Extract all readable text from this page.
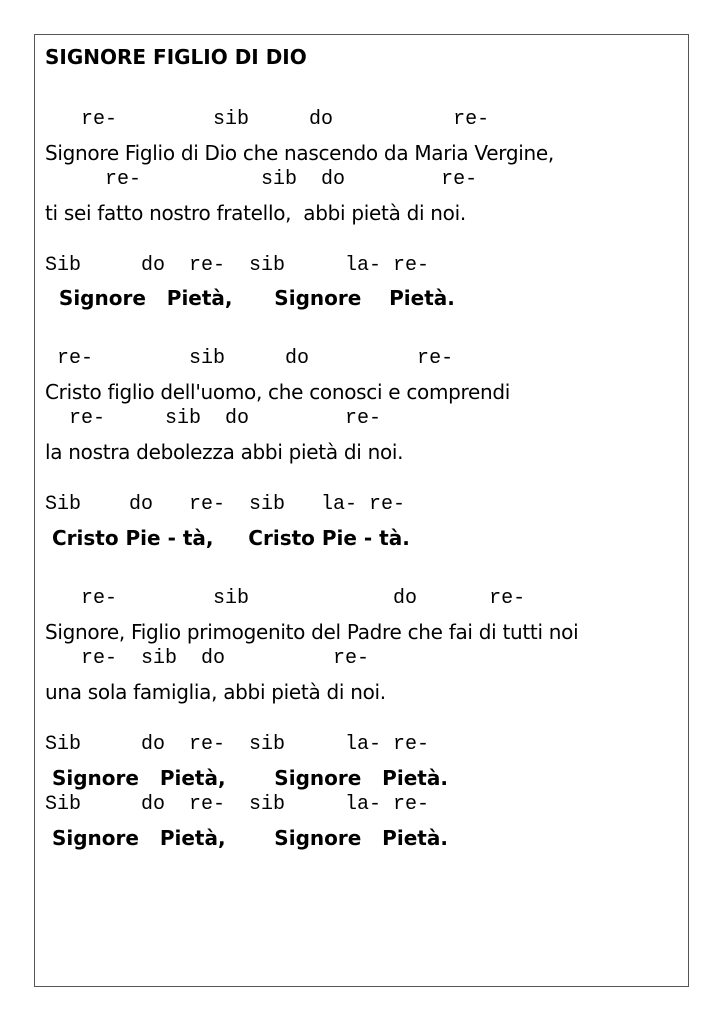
SIGNORE FIGLIO DI DIO

re-        sib     do          re-

Signore Figlio di Dio che nascendo da Maria Vergine,

re-          sib  do        re-

ti sei fatto nostro fratello,  abbi pietà di noi.

Sib     do  re-  sib     la- re-

Signore   Pietà,      Signore    Pietà.

re-        sib     do         re-

Cristo figlio dell'uomo, che conosci e comprendi

re-     sib  do        re-

la nostra debolezza abbi pietà di noi.

Sib    do   re-  sib   la- re-

Cristo Pie - tà,     Cristo Pie - tà.

re-        sib            do      re-

Signore, Figlio primogenito del Padre che fai di tutti noi

re-  sib  do         re-

una sola famiglia, abbi pietà di noi.

Sib     do  re-  sib     la- re-

Signore   Pietà,       Signore   Pietà.

Sib     do  re-  sib     la- re-

Signore   Pietà,       Signore   Pietà.
